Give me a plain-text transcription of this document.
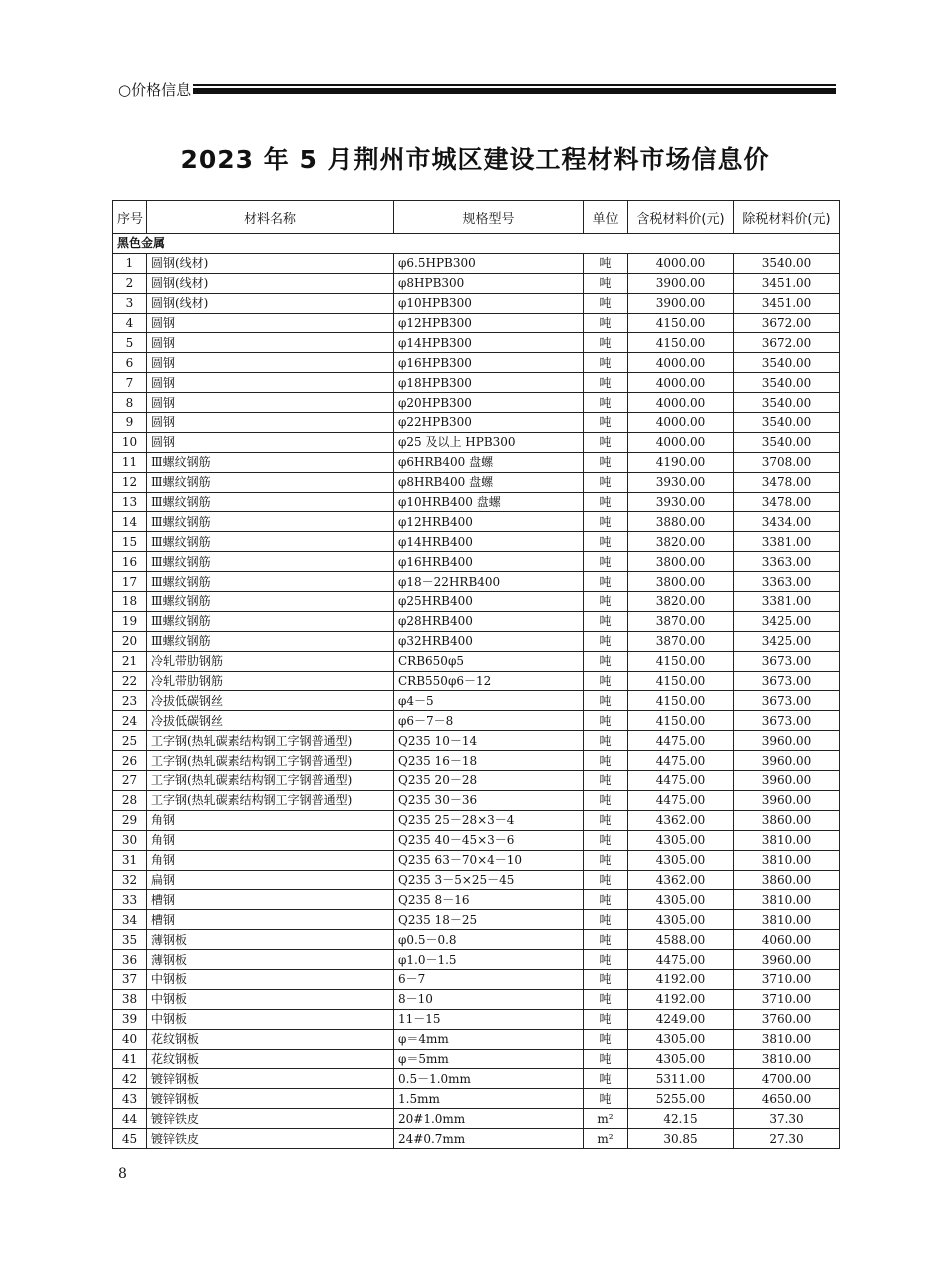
○价格信息
2023 年 5 月荆州市城区建设工程材料市场信息价
序号	材料名称	规格型号	单位	含税材料价(元)	除税材料价(元)
黑色金属					
1	圆钢(线材)	φ6.5HPB300	吨	4000.00	3540.00
2	圆钢(线材)	φ8HPB300	吨	3900.00	3451.00
3	圆钢(线材)	φ10HPB300	吨	3900.00	3451.00
4	圆钢	φ12HPB300	吨	4150.00	3672.00
5	圆钢	φ14HPB300	吨	4150.00	3672.00
6	圆钢	φ16HPB300	吨	4000.00	3540.00
7	圆钢	φ18HPB300	吨	4000.00	3540.00
8	圆钢	φ20HPB300	吨	4000.00	3540.00
9	圆钢	φ22HPB300	吨	4000.00	3540.00
10	圆钢	φ25 及以上 HPB300	吨	4000.00	3540.00
11	Ⅲ螺纹钢筋	φ6HRB400 盘螺	吨	4190.00	3708.00
12	Ⅲ螺纹钢筋	φ8HRB400 盘螺	吨	3930.00	3478.00
13	Ⅲ螺纹钢筋	φ10HRB400 盘螺	吨	3930.00	3478.00
14	Ⅲ螺纹钢筋	φ12HRB400	吨	3880.00	3434.00
15	Ⅲ螺纹钢筋	φ14HRB400	吨	3820.00	3381.00
16	Ⅲ螺纹钢筋	φ16HRB400	吨	3800.00	3363.00
17	Ⅲ螺纹钢筋	φ18－22HRB400	吨	3800.00	3363.00
18	Ⅲ螺纹钢筋	φ25HRB400	吨	3820.00	3381.00
19	Ⅲ螺纹钢筋	φ28HRB400	吨	3870.00	3425.00
20	Ⅲ螺纹钢筋	φ32HRB400	吨	3870.00	3425.00
21	冷轧带肋钢筋	CRB650φ5	吨	4150.00	3673.00
22	冷轧带肋钢筋	CRB550φ6－12	吨	4150.00	3673.00
23	冷拔低碳钢丝	φ4－5	吨	4150.00	3673.00
24	冷拔低碳钢丝	φ6－7－8	吨	4150.00	3673.00
25	工字钢(热轧碳素结构钢工字钢普通型)	Q235 10－14	吨	4475.00	3960.00
26	工字钢(热轧碳素结构钢工字钢普通型)	Q235 16－18	吨	4475.00	3960.00
27	工字钢(热轧碳素结构钢工字钢普通型)	Q235 20－28	吨	4475.00	3960.00
28	工字钢(热轧碳素结构钢工字钢普通型)	Q235 30－36	吨	4475.00	3960.00
29	角钢	Q235 25－28×3－4	吨	4362.00	3860.00
30	角钢	Q235 40－45×3－6	吨	4305.00	3810.00
31	角钢	Q235 63－70×4－10	吨	4305.00	3810.00
32	扁钢	Q235 3－5×25－45	吨	4362.00	3860.00
33	槽钢	Q235 8－16	吨	4305.00	3810.00
34	槽钢	Q235 18－25	吨	4305.00	3810.00
35	薄钢板	φ0.5－0.8	吨	4588.00	4060.00
36	薄钢板	φ1.0－1.5	吨	4475.00	3960.00
37	中钢板	6－7	吨	4192.00	3710.00
38	中钢板	8－10	吨	4192.00	3710.00
39	中钢板	11－15	吨	4249.00	3760.00
40	花纹钢板	φ＝4mm	吨	4305.00	3810.00
41	花纹钢板	φ＝5mm	吨	4305.00	3810.00
42	镀锌钢板	0.5－1.0mm	吨	5311.00	4700.00
43	镀锌钢板	1.5mm	吨	5255.00	4650.00
44	镀锌铁皮	20#1.0mm	m²	42.15	37.30
45	镀锌铁皮	24#0.7mm	m²	30.85	27.30
8
